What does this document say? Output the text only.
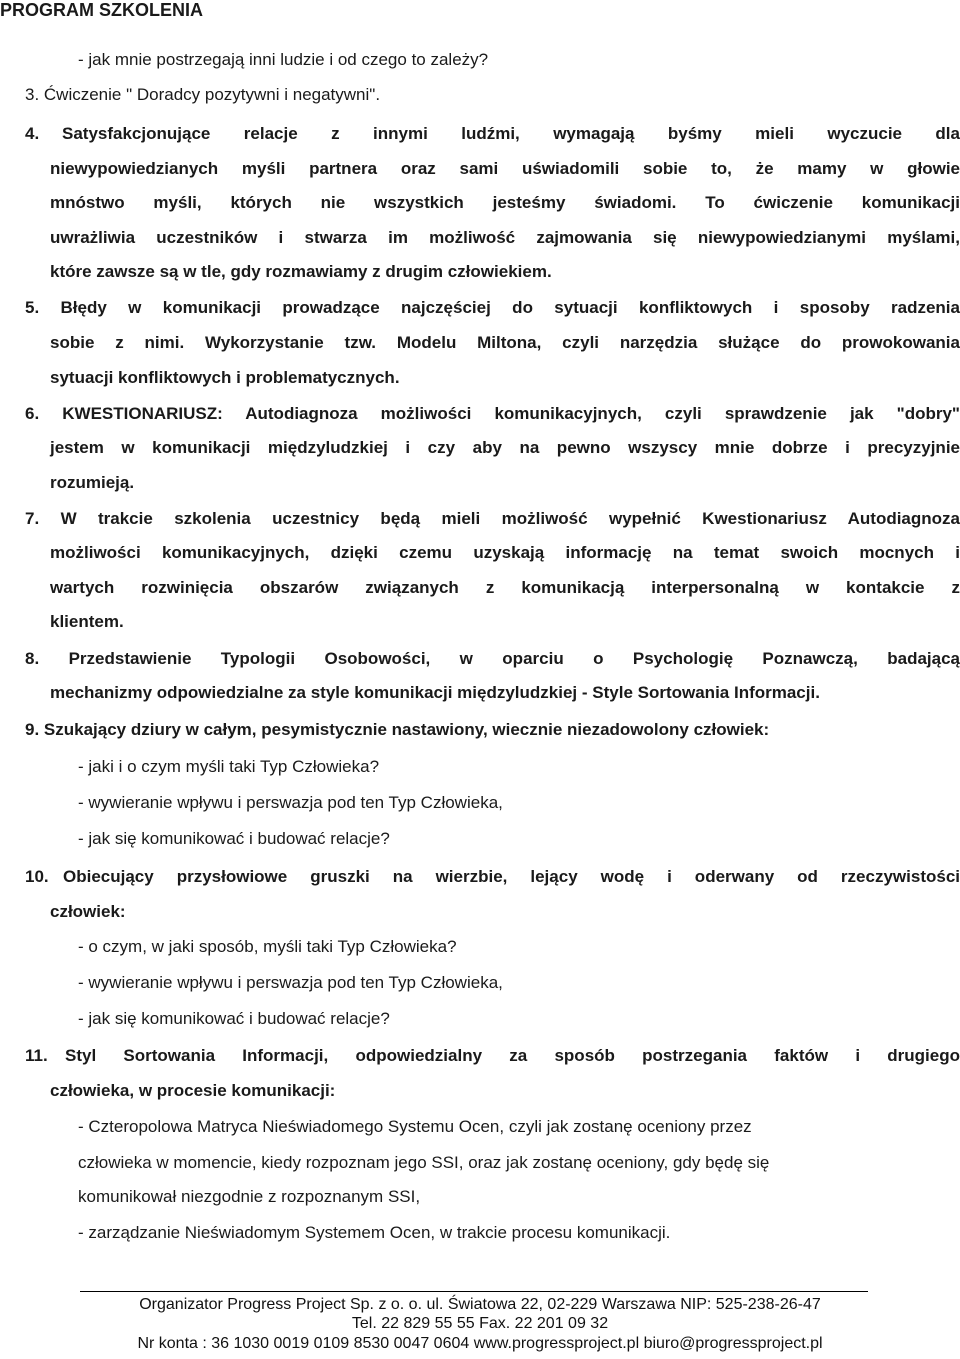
PROGRAM SZKOLENIA
- jak mnie postrzegają inni ludzie i od czego to zależy?
3. Ćwiczenie " Doradcy pozytywni i negatywni".
4. Satysfakcjonujące relacje z innymi ludźmi, wymagają byśmy mieli wyczucie dla
niewypowiedzianych myśli partnera oraz sami uświadomili sobie to, że mamy w głowie
mnóstwo myśli, których nie wszystkich jesteśmy świadomi. To ćwiczenie komunikacji
uwrażliwia uczestników i stwarza im możliwość zajmowania się niewypowiedzianymi myślami,
które zawsze są w tle, gdy rozmawiamy z drugim człowiekiem.
5. Błędy w komunikacji prowadzące najczęściej do sytuacji konfliktowych i sposoby radzenia
sobie z nimi. Wykorzystanie tzw. Modelu Miltona, czyli narzędzia służące do prowokowania
sytuacji konfliktowych i problematycznych.
6. KWESTIONARIUSZ: Autodiagnoza możliwości komunikacyjnych, czyli sprawdzenie jak "dobry"
jestem w komunikacji międzyludzkiej i czy aby na pewno wszyscy mnie dobrze i precyzyjnie
rozumieją.
7. W trakcie szkolenia uczestnicy będą mieli możliwość wypełnić Kwestionariusz Autodiagnoza
możliwości komunikacyjnych, dzięki czemu uzyskają informację na temat swoich mocnych i
wartych rozwinięcia obszarów związanych z komunikacją interpersonalną w kontakcie z
klientem.
8. Przedstawienie Typologii Osobowości, w oparciu o Psychologię Poznawczą, badającą
mechanizmy odpowiedzialne za style komunikacji międzyludzkiej - Style Sortowania Informacji.
9. Szukający dziury w całym, pesymistycznie nastawiony, wiecznie niezadowolony człowiek:
- jaki i o czym myśli taki Typ Człowieka?
- wywieranie wpływu i perswazja pod ten Typ Człowieka,
- jak się komunikować i budować relacje?
10. Obiecujący przysłowiowe gruszki na wierzbie, lejący wodę i oderwany od rzeczywistości
człowiek:
- o czym, w jaki sposób, myśli taki Typ Człowieka?
- wywieranie wpływu i perswazja pod ten Typ Człowieka,
- jak się komunikować i budować relacje?
11. Styl Sortowania Informacji, odpowiedzialny za sposób postrzegania faktów i drugiego
człowieka, w procesie komunikacji:
- Czteropolowa Matryca Nieświadomego Systemu Ocen, czyli jak zostanę oceniony przez
człowieka w momencie, kiedy rozpoznam jego SSI, oraz jak zostanę oceniony, gdy będę się
komunikował niezgodnie z rozpoznanym SSI,
- zarządzanie Nieświadomym Systemem Ocen, w trakcie procesu komunikacji.
Organizator Progress Project Sp. z o. o. ul. Światowa 22, 02-229 Warszawa NIP: 525-238-26-47
Tel. 22 829 55 55 Fax. 22 201 09 32
Nr konta : 36 1030 0019 0109 8530 0047 0604 www.progressproject.pl biuro@progressproject.pl
